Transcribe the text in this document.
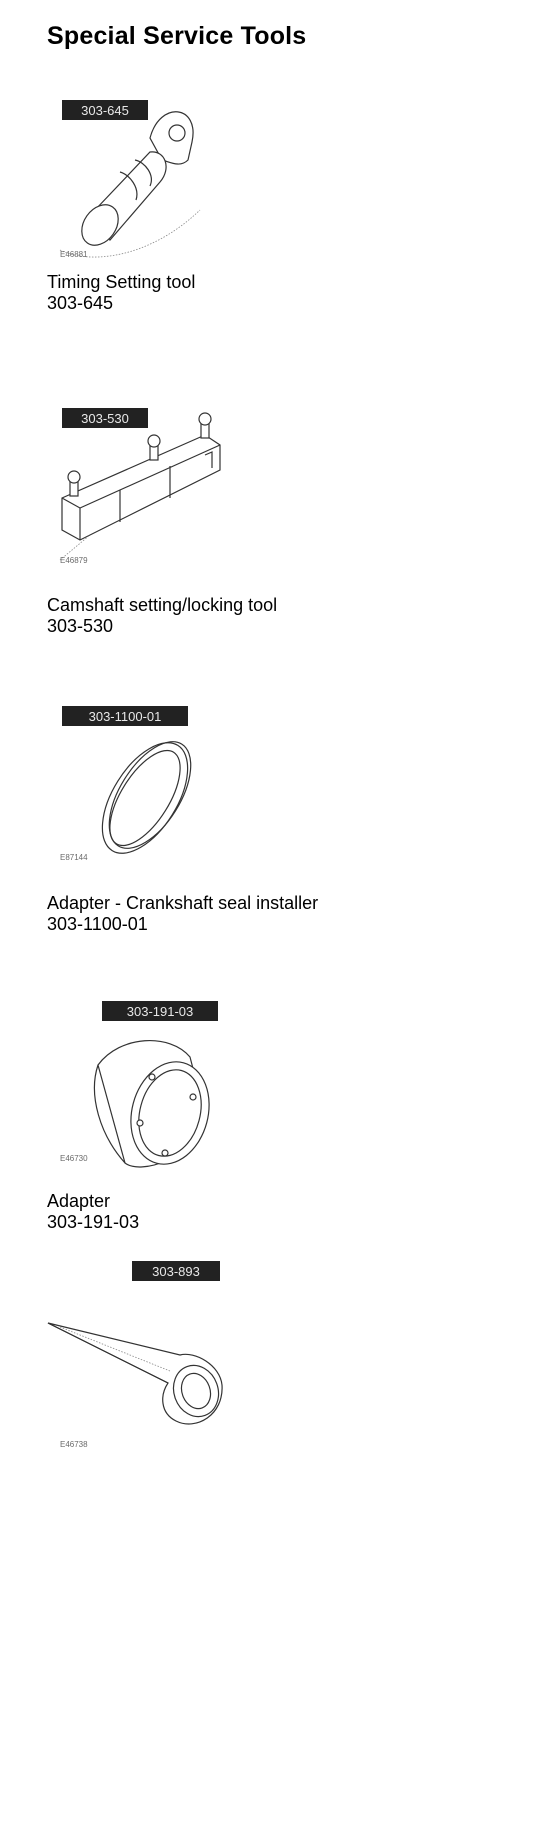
Special Service Tools
303-645
E46881
Timing Setting tool
303-645
303-530
E46879
Camshaft setting/locking tool
303-530
303-1100-01
E87144
Adapter - Crankshaft seal installer
303-1100-01
303-191-03
E46730
Adapter
303-191-03
303-893
E46738
